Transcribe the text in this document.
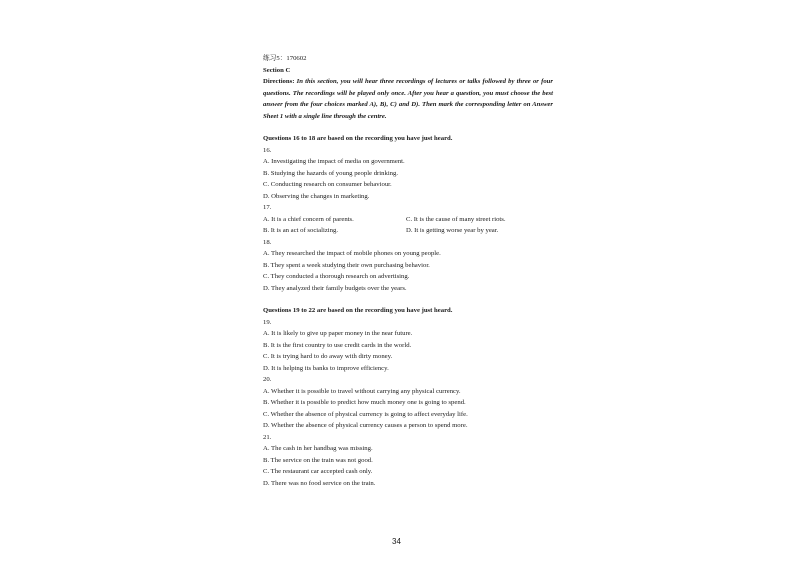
练习5：170602
Section C
Directions: In this section, you will hear three recordings of lectures or talks followed by three or four questions. The recordings will be played only once. After you hear a question, you must choose the best answer from the four choices marked A), B), C) and D). Then mark the corresponding letter on Answer Sheet 1 with a single line through the centre.
Questions 16 to 18 are based on the recording you have just heard.
16.
A. Investigating the impact of media on government.
B. Studying the hazards of young people drinking.
C. Conducting research on consumer behaviour.
D. Observing the changes in marketing.
17.
A. It is a chief concern of parents.	C. It is the cause of many street riots.
B. It is an act of socializing.	D. It is getting worse year by year.
18.
A. They researched the impact of mobile phones on young people.
B. They spent a week studying their own purchasing behavior.
C. They conducted a thorough research on advertising.
D. They analyzed their family budgets over the years.
Questions 19 to 22 are based on the recording you have just heard.
19.
A. It is likely to give up paper money in the near future.
B. It is the first country to use credit cards in the world.
C. It is trying hard to do away with dirty money.
D. It is helping its banks to improve efficiency.
20.
A. Whether it is possible to travel without carrying any physical currency.
B. Whether it is possible to predict how much money one is going to spend.
C. Whether the absence of physical currency is going to affect everyday life.
D. Whether the absence of physical currency causes a person to spend more.
21.
A. The cash in her handbag was missing.
B. The service on the train was not good.
C. The restaurant car accepted cash only.
D. There was no food service on the train.
34
